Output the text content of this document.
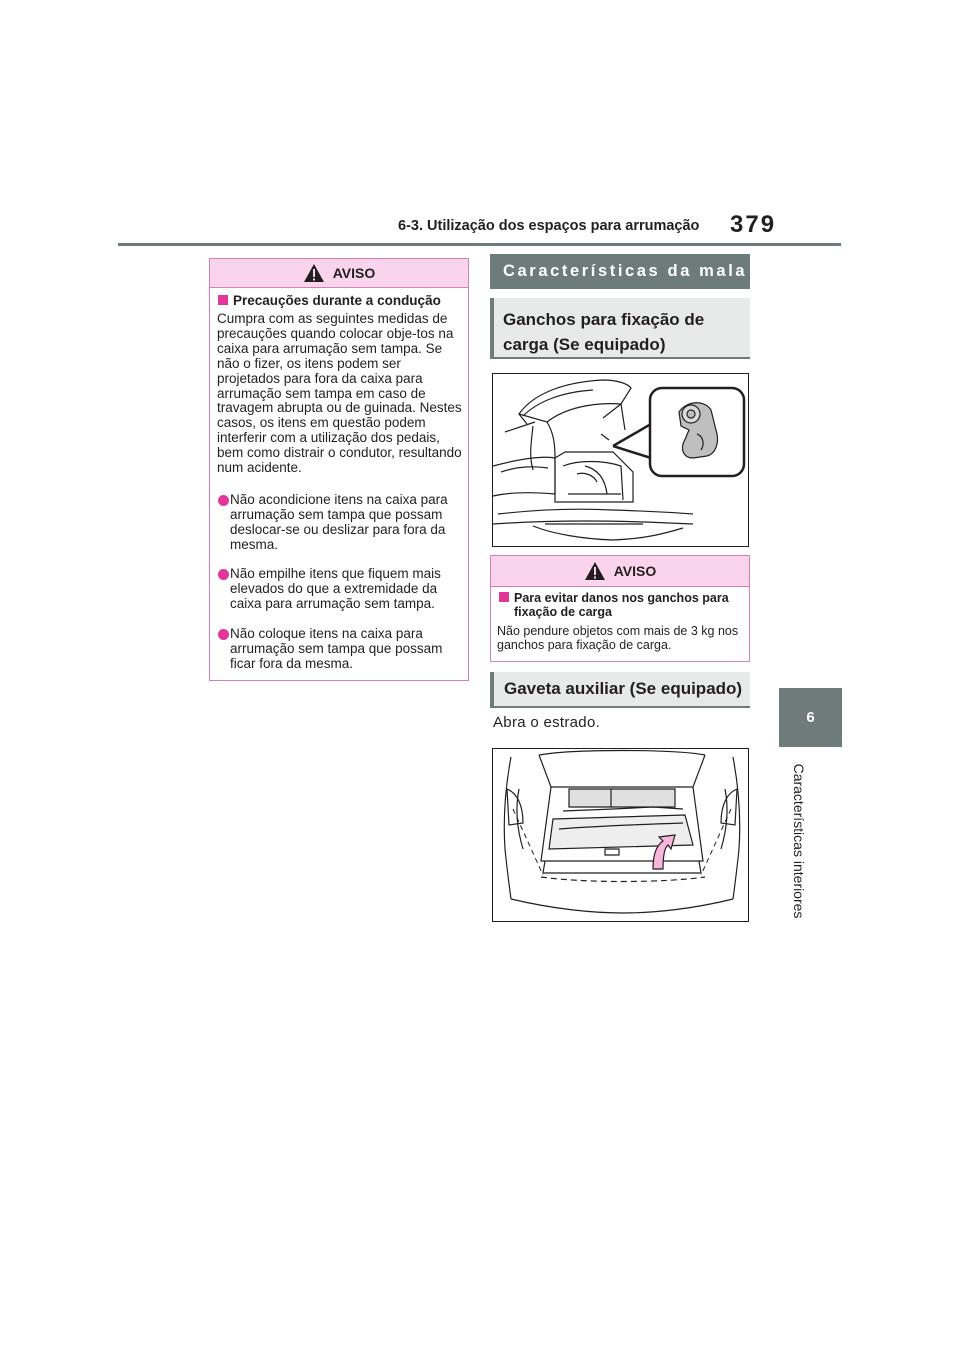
6-3. Utilização dos espaços para arrumação 379
6
Características interiores
AVISO
Precauções durante a condução
Cumpra com as seguintes medidas de precauções quando colocar obje-tos na caixa para arrumação sem tampa. Se não o fizer, os itens podem ser projetados para fora da caixa para arrumação sem tampa em caso de travagem abrupta ou de guinada. Nestes casos, os itens em questão podem interferir com a utilização dos pedais, bem como distrair o condutor, resultando num acidente.
Não acondicione itens na caixa para arrumação sem tampa que possam deslocar-se ou deslizar para fora da mesma.
Não empilhe itens que fiquem mais elevados do que a extremidade da caixa para arrumação sem tampa.
Não coloque itens na caixa para arrumação sem tampa que possam ficar fora da mesma.
Características da mala
Ganchos para fixação de carga (Se equipado)
AVISO
Para evitar danos nos ganchos para fixação de carga
Não pendure objetos com mais de 3 kg nos ganchos para fixação de carga.
Gaveta auxiliar (Se equipado)
Abra o estrado.
